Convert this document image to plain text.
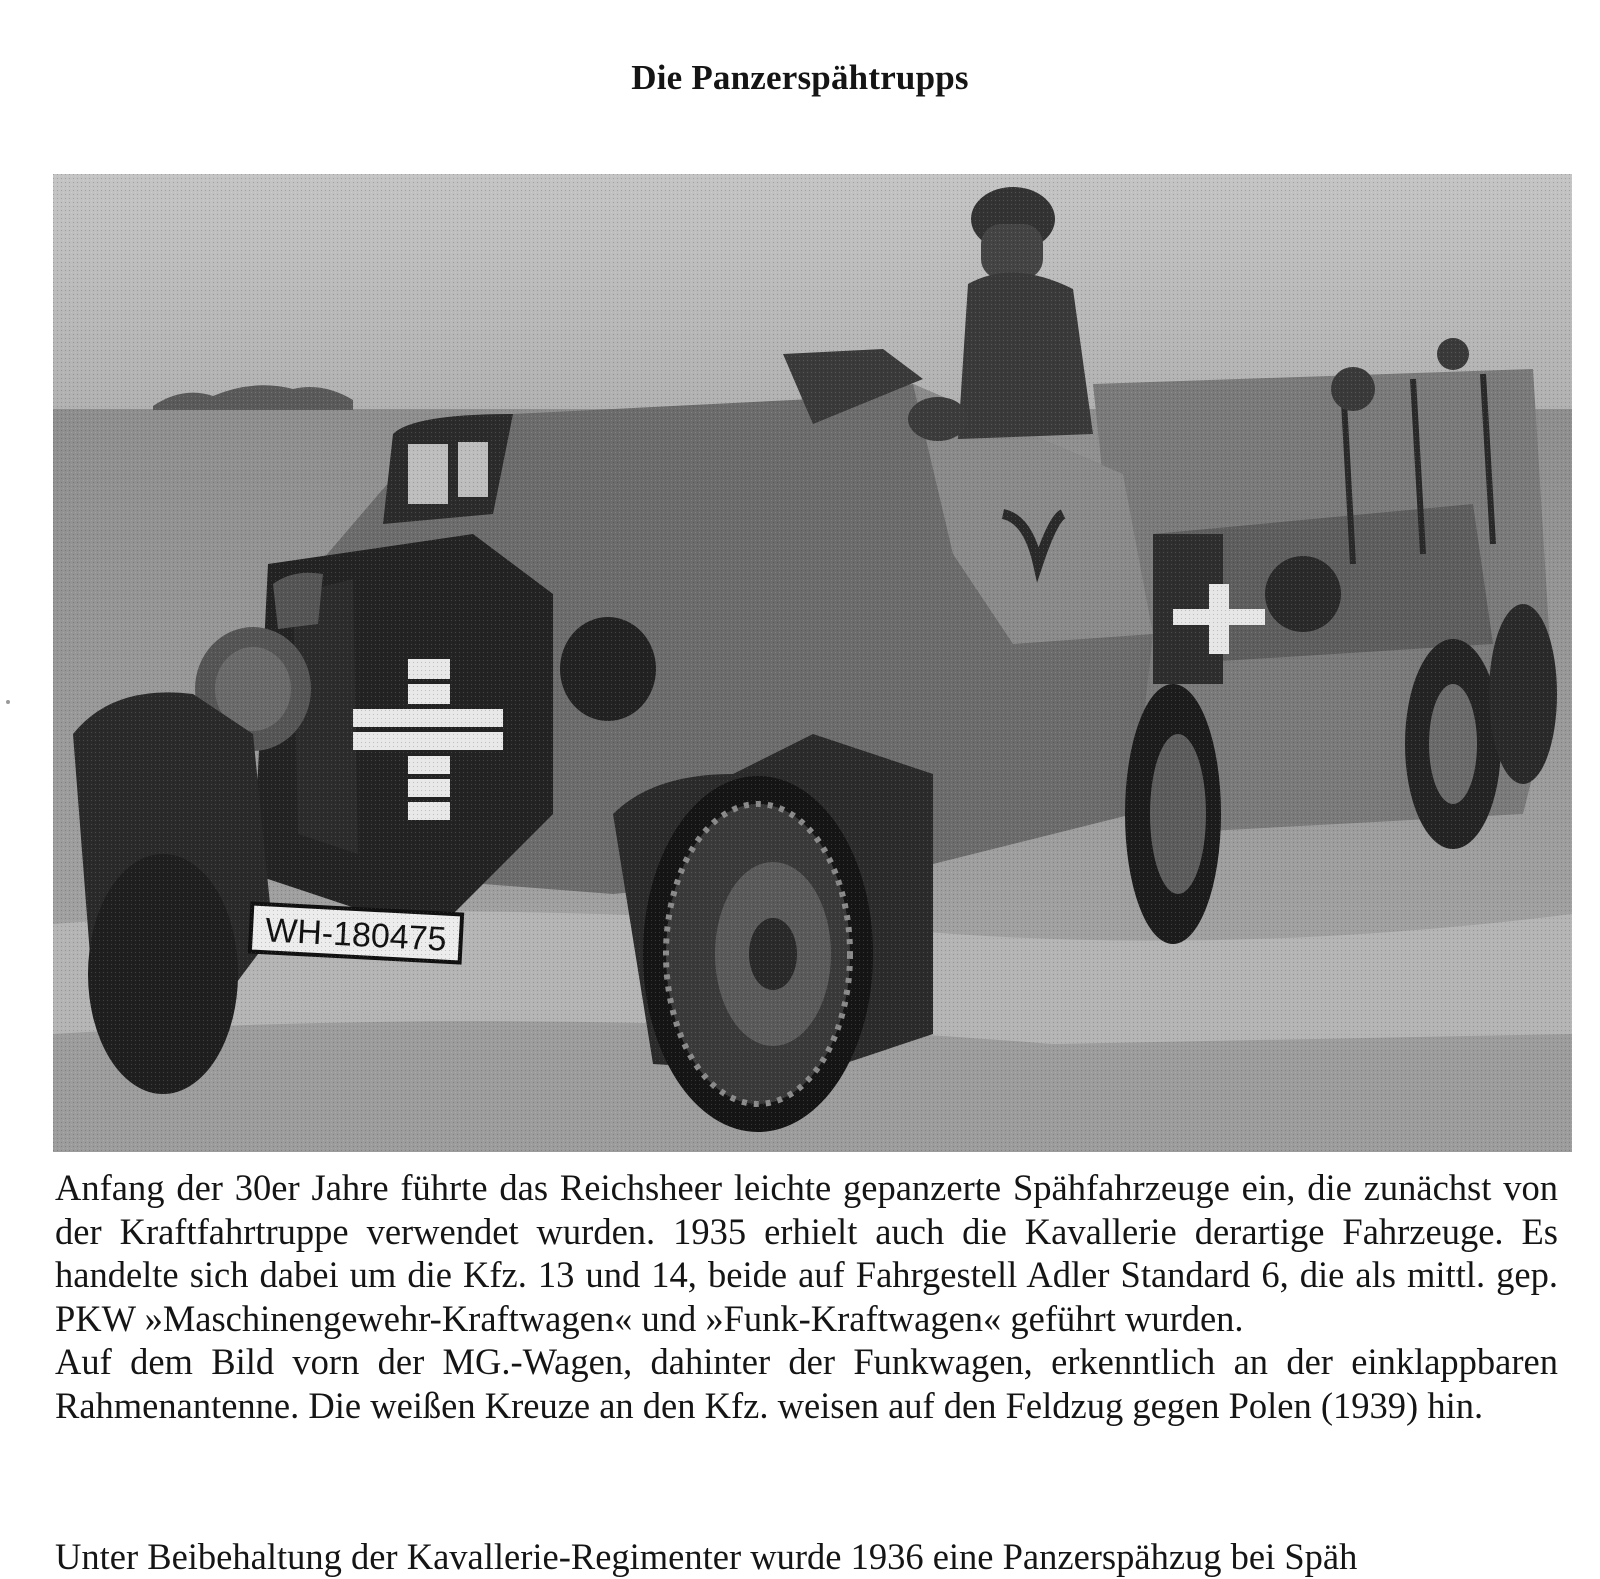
Die Panzerspähtrupps

Anfang der 30er Jahre führte das Reichsheer leichte gepanzerte Spähfahrzeuge ein, die zunächst von der Kraftfahrtruppe verwendet wurden. 1935 erhielt auch die Kavallerie derartige Fahrzeuge. Es handelte sich dabei um die Kfz. 13 und 14, beide auf Fahrgestell Adler Standard 6, die als mittl. gep. PKW »Maschinengewehr-Kraftwagen« und »Funk-Kraftwagen« geführt wurden.

Auf dem Bild vorn der MG.-Wagen, dahinter der Funkwagen, erkenntlich an der einklappbaren Rahmenantenne. Die weißen Kreuze an den Kfz. weisen auf den Feldzug gegen Polen (1939) hin.

Unter Beibehaltung der Kavallerie-Regimenter wurde 1936 eine Panzerspähzug bei Späh
